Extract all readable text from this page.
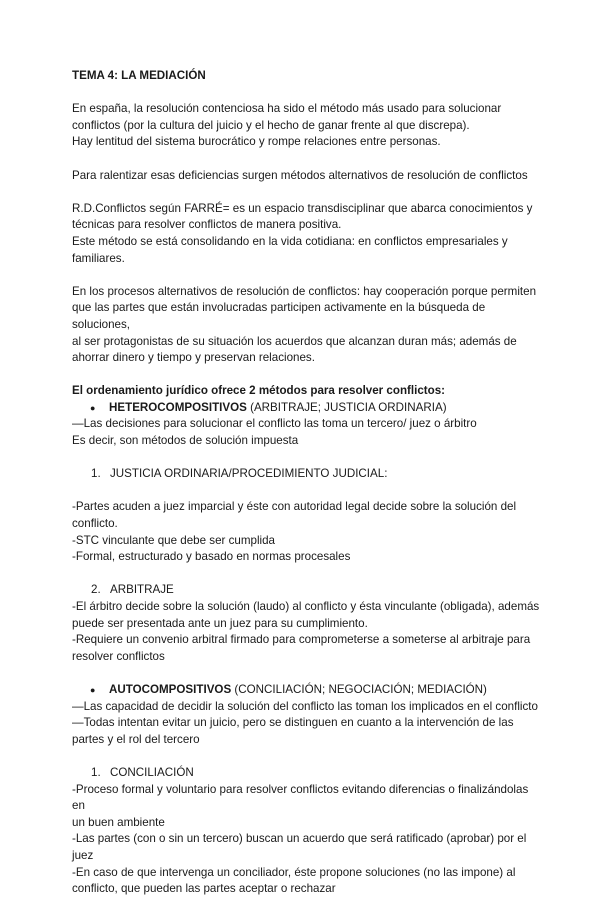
TEMA 4: LA MEDIACIÓN

En españa, la resolución contenciosa ha sido el método más usado para solucionar

conflictos (por la cultura del juicio y el hecho de ganar frente al que discrepa).

Hay lentitud del sistema burocrático y rompe relaciones entre personas.

Para ralentizar esas deficiencias surgen métodos alternativos de resolución de conflictos

R.D.Conflictos según FARRÉ= es un espacio transdisciplinar que abarca conocimientos y

técnicas para resolver conflictos de manera positiva.

Este método se está consolidando en la vida cotidiana: en conflictos empresariales y

familiares.

En los procesos alternativos de resolución de conflictos: hay cooperación porque permiten

que las partes que están involucradas participen activamente en la búsqueda de soluciones,

al ser protagonistas de su situación los acuerdos que alcanzan duran más; además de

ahorrar dinero y tiempo y preservan relaciones.

El ordenamiento jurídico ofrece 2 métodos para resolver conflictos:

●	HETEROCOMPOSITIVOS (ARBITRAJE; JUSTICIA ORDINARIA)

—Las decisiones para solucionar el conflicto las toma un tercero/ juez o árbitro

Es decir, son métodos de solución impuesta

1. JUSTICIA ORDINARIA/PROCEDIMIENTO JUDICIAL:

-Partes acuden a juez imparcial y éste con autoridad legal decide sobre la solución del

conflicto.

-STC vinculante que debe ser cumplida

-Formal, estructurado y basado en normas procesales

2. ARBITRAJE

-El árbitro decide sobre la solución (laudo) al conflicto y ésta vinculante (obligada), además

puede ser presentada ante un juez para su cumplimiento.

-Requiere un convenio arbitral firmado para comprometerse a someterse al arbitraje para

resolver conflictos

●	AUTOCOMPOSITIVOS (CONCILIACIÓN; NEGOCIACIÓN; MEDIACIÓN)

—Las capacidad de decidir la solución del conflicto las toman los implicados en el conflicto

—Todas intentan evitar un juicio, pero se distinguen en cuanto a la intervención de las

partes y el rol del tercero

1. CONCILIACIÓN

-Proceso formal y voluntario para resolver conflictos evitando diferencias o finalizándolas en

un buen ambiente

-Las partes (con o sin un tercero) buscan un acuerdo que será ratificado (aprobar) por el

juez

-En caso de que intervenga un conciliador, éste propone soluciones (no las impone) al

conflicto, que pueden las partes aceptar o rechazar
